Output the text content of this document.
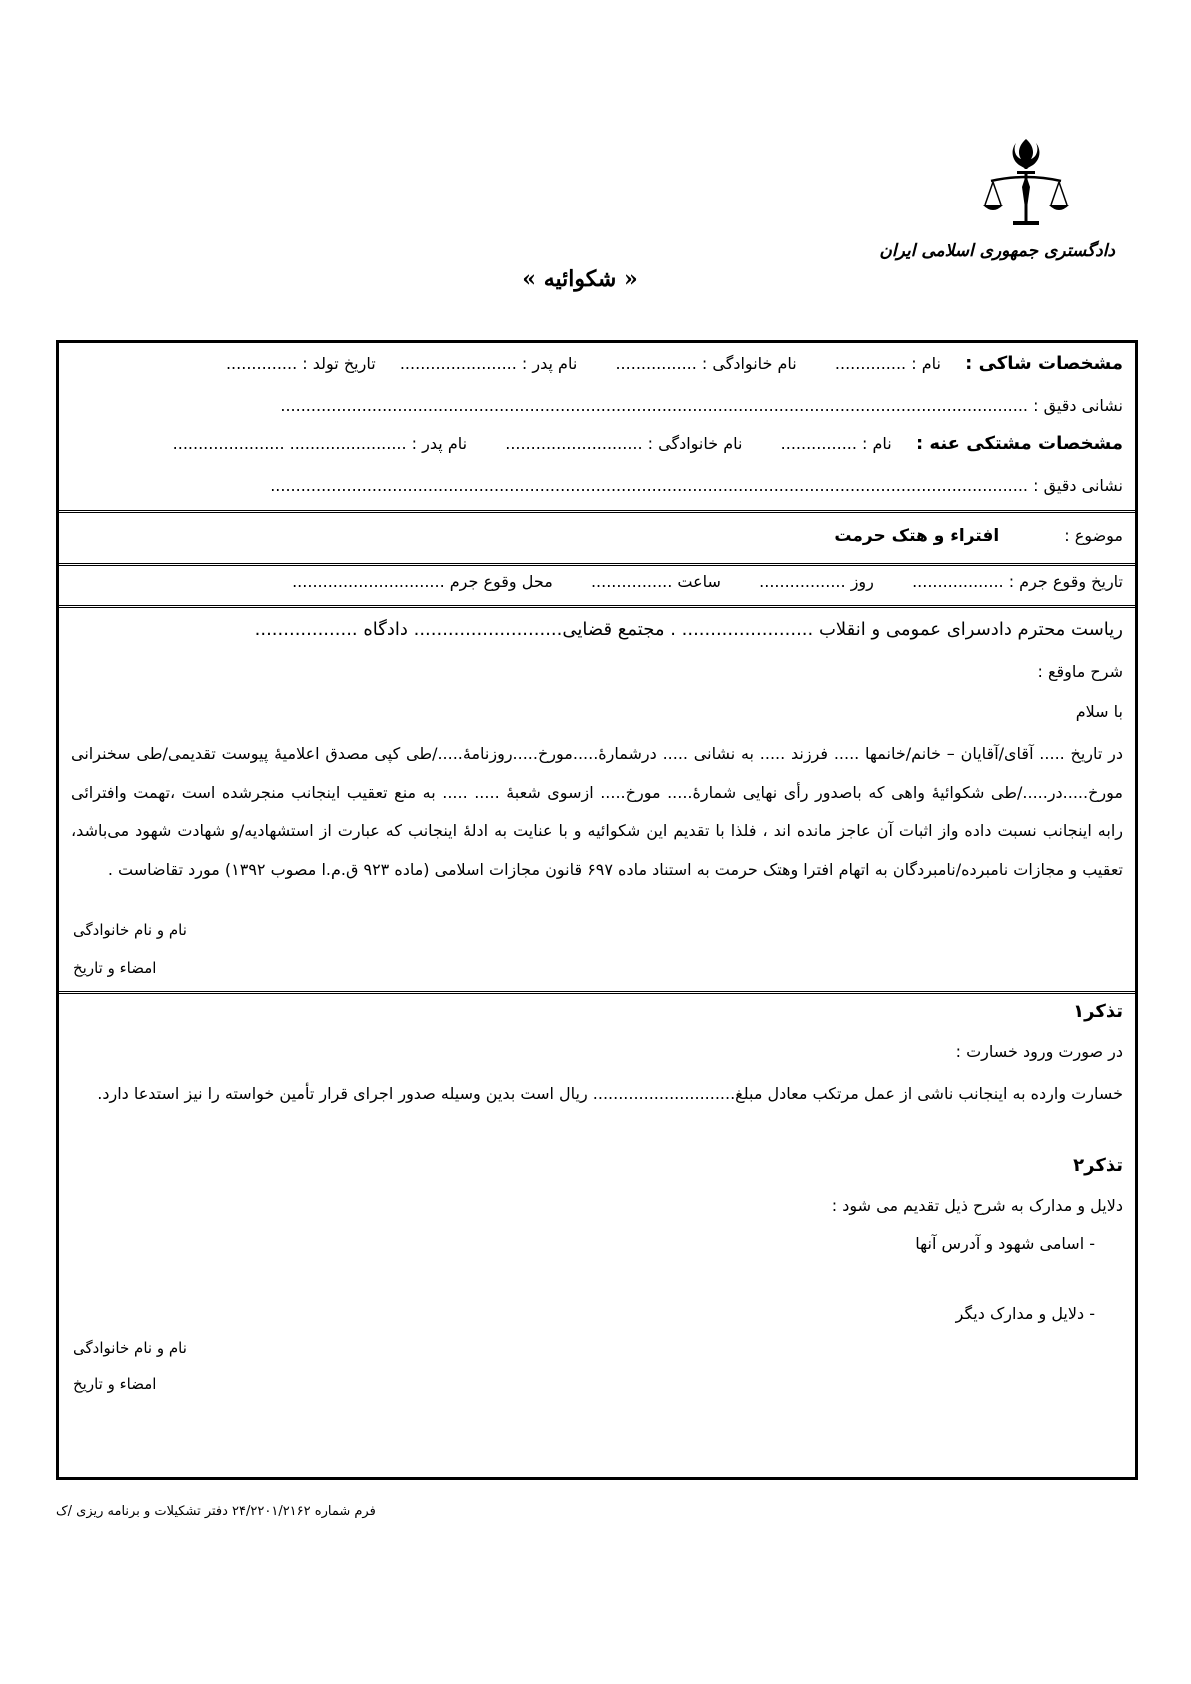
دادگستری جمهوری اسلامی ایران
« شکوائیه »
مشخصات شاکی :  نام : ..............  نام خانوادگی : ................  نام پدر : .......................  تاریخ تولد : ..............
نشانی دقیق : ...................................................................................................................................................
مشخصات مشتکی عنه :  نام : ...............  نام خانوادگی : ...........................  نام پدر : ....................... ......................
نشانی دقیق : .....................................................................................................................................................
موضوع : افتراء و هتک حرمت
تاریخ وقوع جرم : ..................  روز .................  ساعت ................  محل وقوع جرم ..............................
ریاست محترم دادسرای عمومی و انقلاب ....................... . مجتمع قضایی.......................... دادگاه ..................
شرح ماوقع :
با سلام
در تاریخ ..... آقای/آقایان – خانم/خانمها ..... فرزند ..... به نشانی ..... درشمارۀ.....مورخ.....روزنامۀ...../طی کپی مصدق اعلامیۀ پیوست تقدیمی/طی سخنرانی مورخ.....در...../طی شکوائیۀ واهی که باصدور رأی نهایی شمارۀ..... مورخ..... ازسوی شعبۀ ..... ..... به منع تعقیب اینجانب منجرشده است ،تهمت وافترائی رابه اینجانب نسبت داده واز اثبات آن عاجز مانده اند ، فلذا با تقدیم این شکوائیه و با عنایت به ادلۀ اینجانب که عبارت از استشهادیه/و شهادت شهود می‌باشد، تعقیب و مجازات نامبرده/نامبردگان به اتهام افترا وهتک حرمت به استناد ماده ۶۹۷ قانون مجازات اسلامی (ماده ۹۲۳ ق.م.ا مصوب ۱۳۹۲) مورد تقاضاست .
نام و نام خانوادگی
امضاء و تاریخ
تذکر۱
در صورت ورود خسارت :
خسارت وارده به اینجانب ناشی از عمل مرتکب معادل مبلغ............................ ریال است بدین وسیله صدور اجرای قرار تأمین خواسته را نیز استدعا دارد.
تذکر۲
دلایل و مدارک به شرح ذیل تقدیم می شود :
- اسامی شهود و آدرس آنها
- دلایل و مدارک دیگر
نام و نام خانوادگی
امضاء و تاریخ
فرم شماره ۲۴/۲۲۰۱/۲۱۶۲ دفتر تشکیلات و برنامه ریزی /ک
